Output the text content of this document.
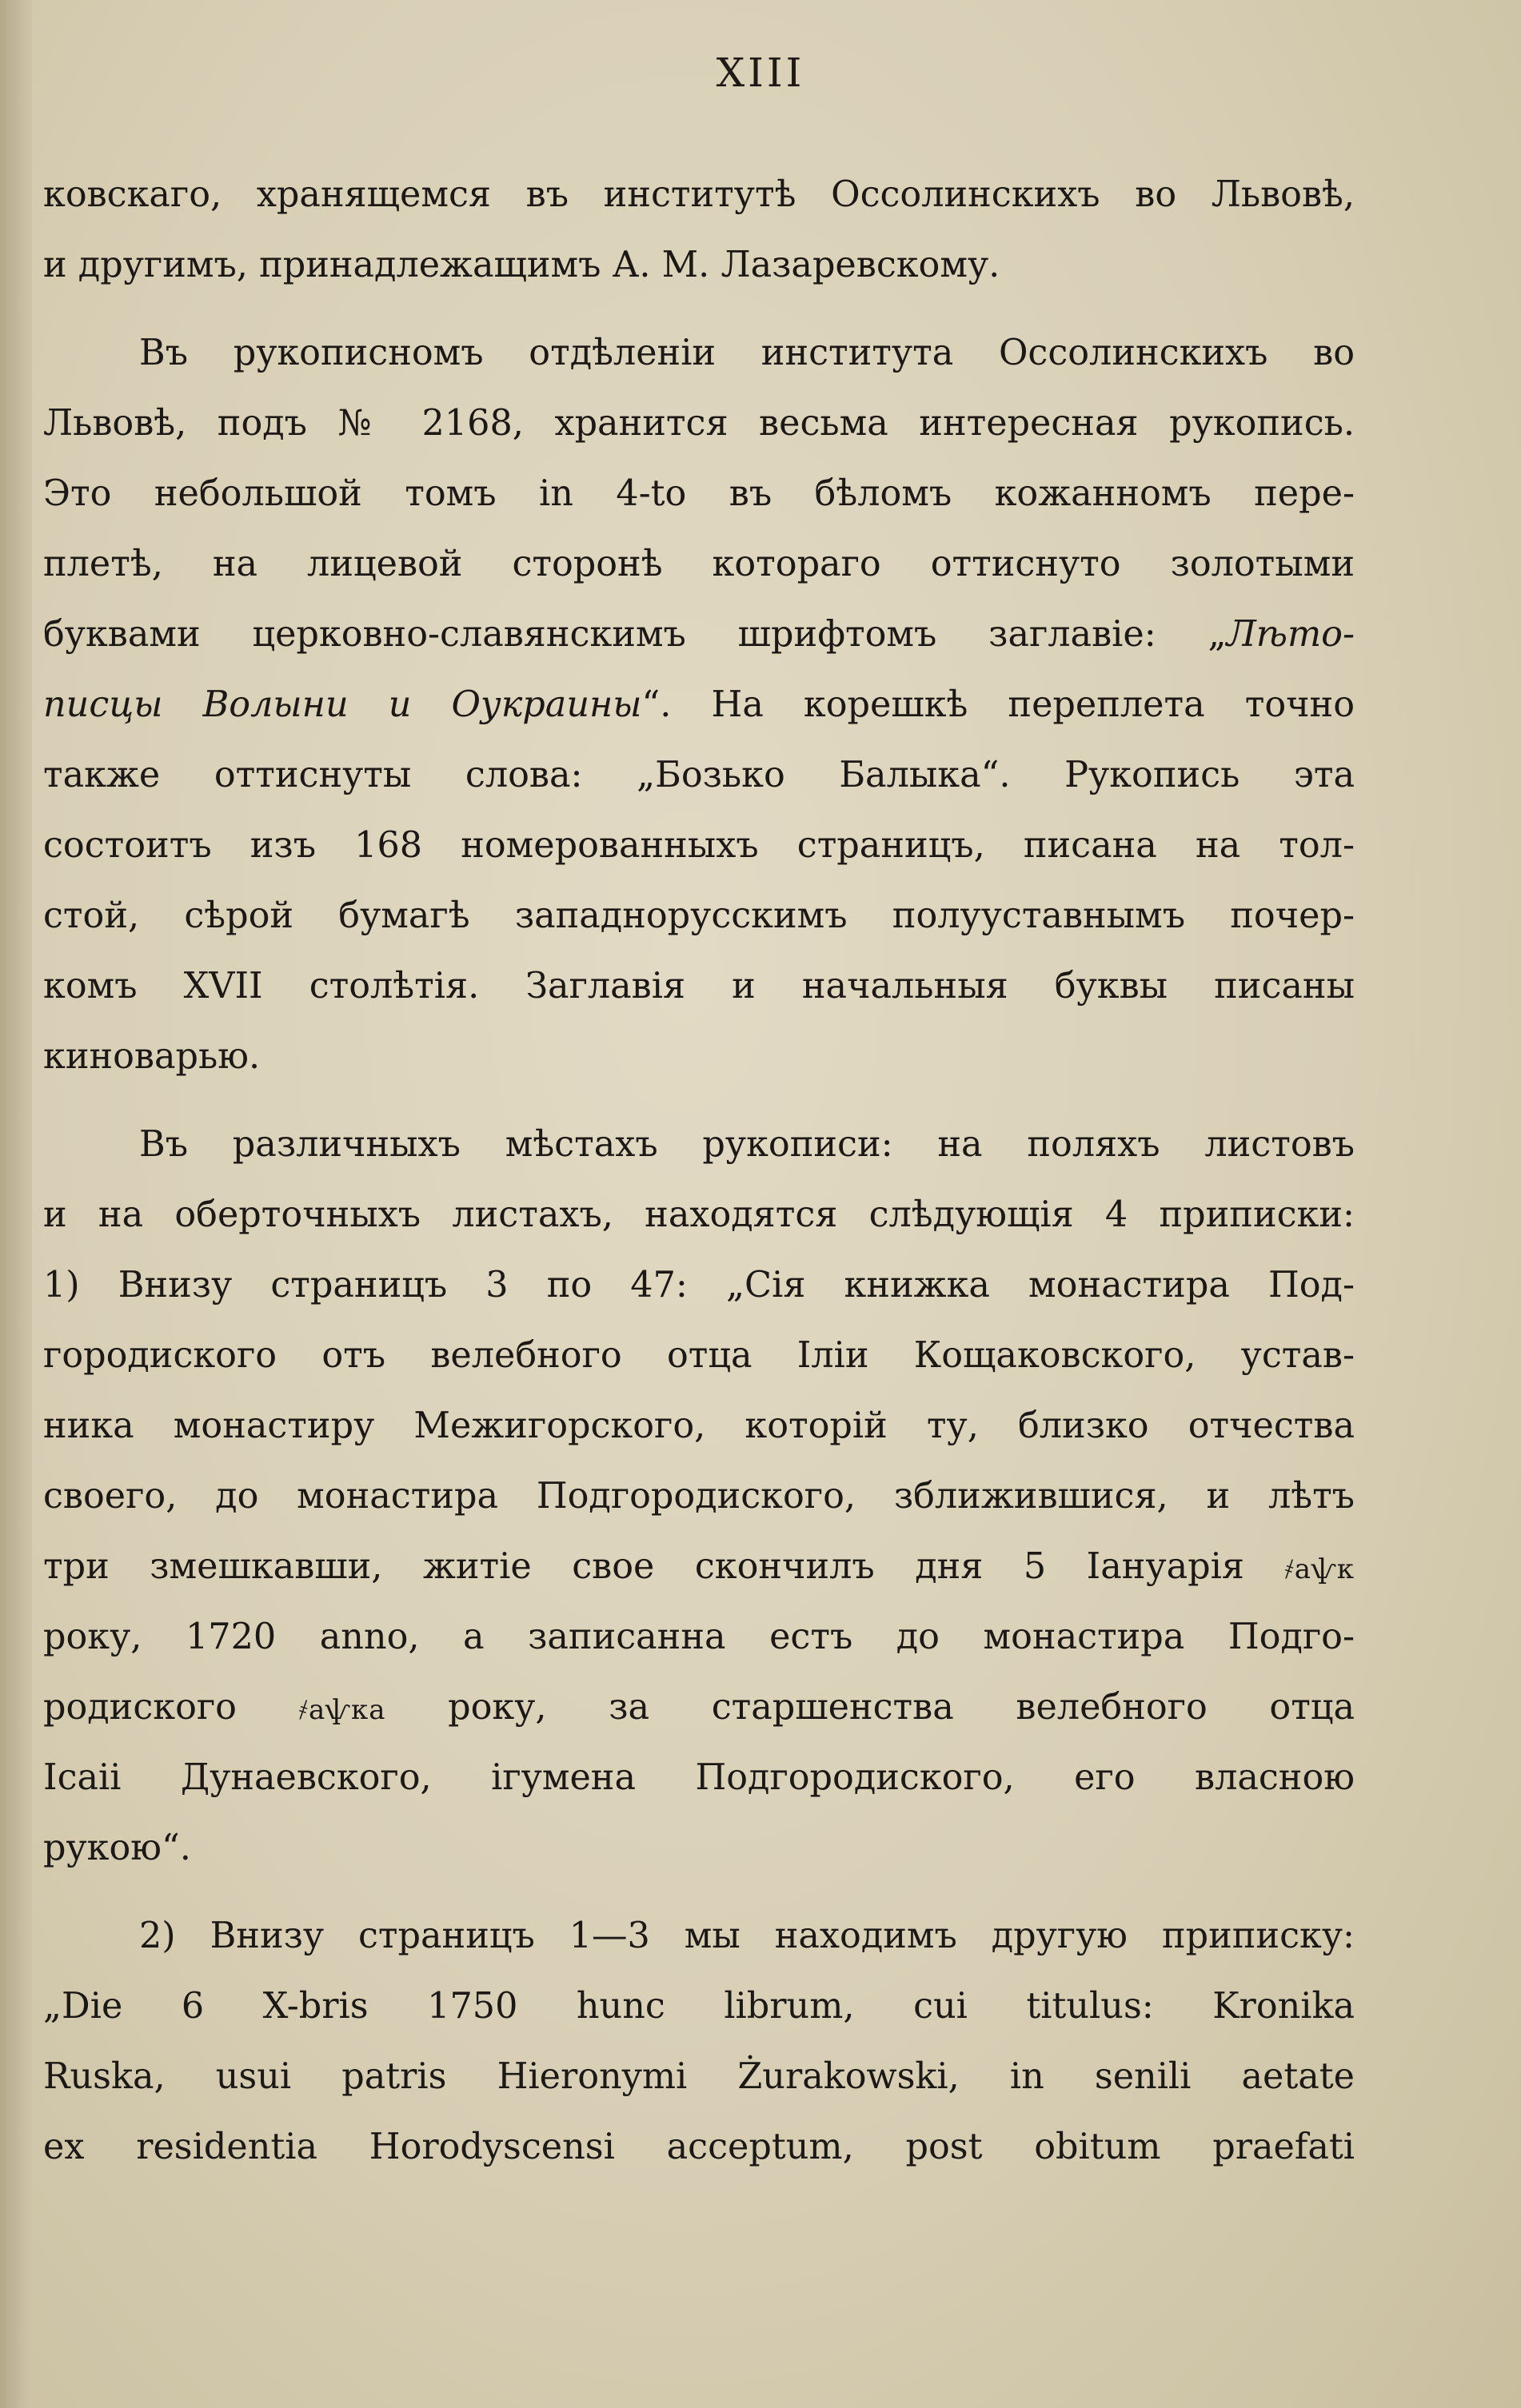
XIII
ковскаго, хранящемся въ институтѣ Оссолинскихъ во Львовѣ,
и другимъ, принадлежащимъ А. М. Лазаревскому.
Въ рукописномъ отдѣленіи института Оссолинскихъ во
Львовѣ, подъ № 2168, хранится весьма интересная рукопись.
Это небольшой томъ in 4-to въ бѣломъ кожанномъ пере-
плетѣ, на лицевой сторонѣ котораго оттиснуто золотыми
буквами церковно-славянскимъ шрифтомъ заглавіе: „Лѣто-
писцы Волыни и Оукраины“. На корешкѣ переплета точно
также оттиснуты слова: „Бозько Балыка“. Рукопись эта
состоитъ изъ 168 номерованныхъ страницъ, писана на тол-
стой, сѣрой бумагѣ западнорусскимъ полууставнымъ почер-
комъ XVII столѣтія. Заглавія и начальныя буквы писаны
киноварью.
Въ различныхъ мѣстахъ рукописи: на поляхъ листовъ
и на оберточныхъ листахъ, находятся слѣдующія 4 приписки:
1) Внизу страницъ 3 по 47: „Сія книжка монастира Под-
городиского отъ велебного отца Іліи Кощаковского, устав-
ника монастиру Межигорского, которій ту, близко отчества
своего, до монастира Подгородиского, зближившися, и лѣтъ
три змешкавши, житіе свое скончилъ дня 5 Іануарія ҂аѱк
року, 1720 anno, а записанна естъ до монастира Подго-
родиского ҂аѱка року, за старшенства велебного отца
Ісаіі Дунаевского, ігумена Подгородиского, его власною
рукою“.
2) Внизу страницъ 1—3 мы находимъ другую приписку:
„Die 6 X-bris 1750 hunc librum, cui titulus: Kronika
Ruska, usui patris Hieronymi Żurakowski, in senili aetate
ex residentia Horodyscensi acceptum, post obitum praefati
